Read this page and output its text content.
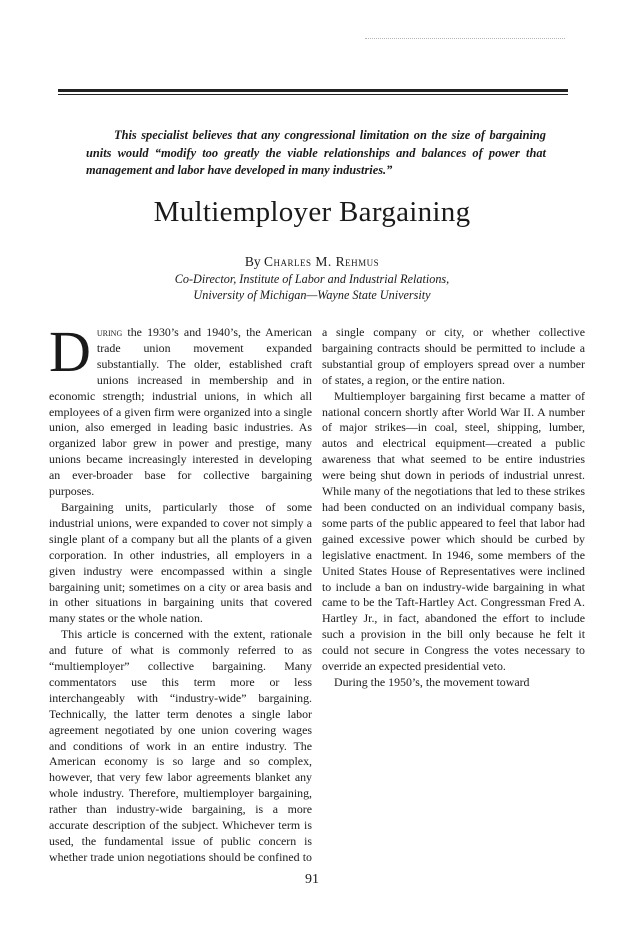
This specialist believes that any congressional limitation on the size of bargaining units would “modify too greatly the viable relationships and balances of power that management and labor have developed in many industries.”

Multiemployer Bargaining

By Charles M. Rehmus

Co-Director, Institute of Labor and Industrial Relations,
University of Michigan—Wayne State University

During the 1930’s and 1940’s, the American trade union movement expanded substantially. The older, established craft unions increased in membership and in economic strength; industrial unions, in which all employees of a given firm were organized into a single union, also emerged in leading basic industries. As organized labor grew in power and prestige, many unions became increasingly interested in developing an ever-broader base for collective bargaining purposes.

Bargaining units, particularly those of some industrial unions, were expanded to cover not simply a single plant of a company but all the plants of a given corporation. In other industries, all employers in a given industry were encompassed within a single bargaining unit; sometimes on a city or area basis and in other situations in bargaining units that covered many states or the whole nation.

This article is concerned with the extent, rationale and future of what is commonly referred to as “multiemployer” collective bargaining. Many commentators use this term more or less interchangeably with “industry-wide” bargaining. Technically, the latter term denotes a single labor agreement negotiated by one union covering wages and conditions of work in an entire industry. The American economy is so large and so complex, however, that very few labor agreements blanket any whole industry. Therefore, multiemployer bargaining, rather than industry-wide bargaining, is a more accurate description of the subject. Whichever term is used, the fundamental issue of public concern is whether trade union negotiations should be confined to

a single company or city, or whether collective bargaining contracts should be permitted to include a substantial group of employers spread over a number of states, a region, or the entire nation.

Multiemployer bargaining first became a matter of national concern shortly after World War II. A number of major strikes—in coal, steel, shipping, lumber, autos and electrical equipment—created a public awareness that what seemed to be entire industries were being shut down in periods of industrial unrest. While many of the negotiations that led to these strikes had been conducted on an individual company basis, some parts of the public appeared to feel that labor had gained excessive power which should be curbed by legislative enactment. In 1946, some members of the United States House of Representatives were inclined to include a ban on industry-wide bargaining in what came to be the Taft-Hartley Act. Congressman Fred A. Hartley Jr., in fact, abandoned the effort to include such a provision in the bill only because he felt it could not secure in Congress the votes necessary to override an expected presidential veto.

During the 1950’s, the movement toward

91
